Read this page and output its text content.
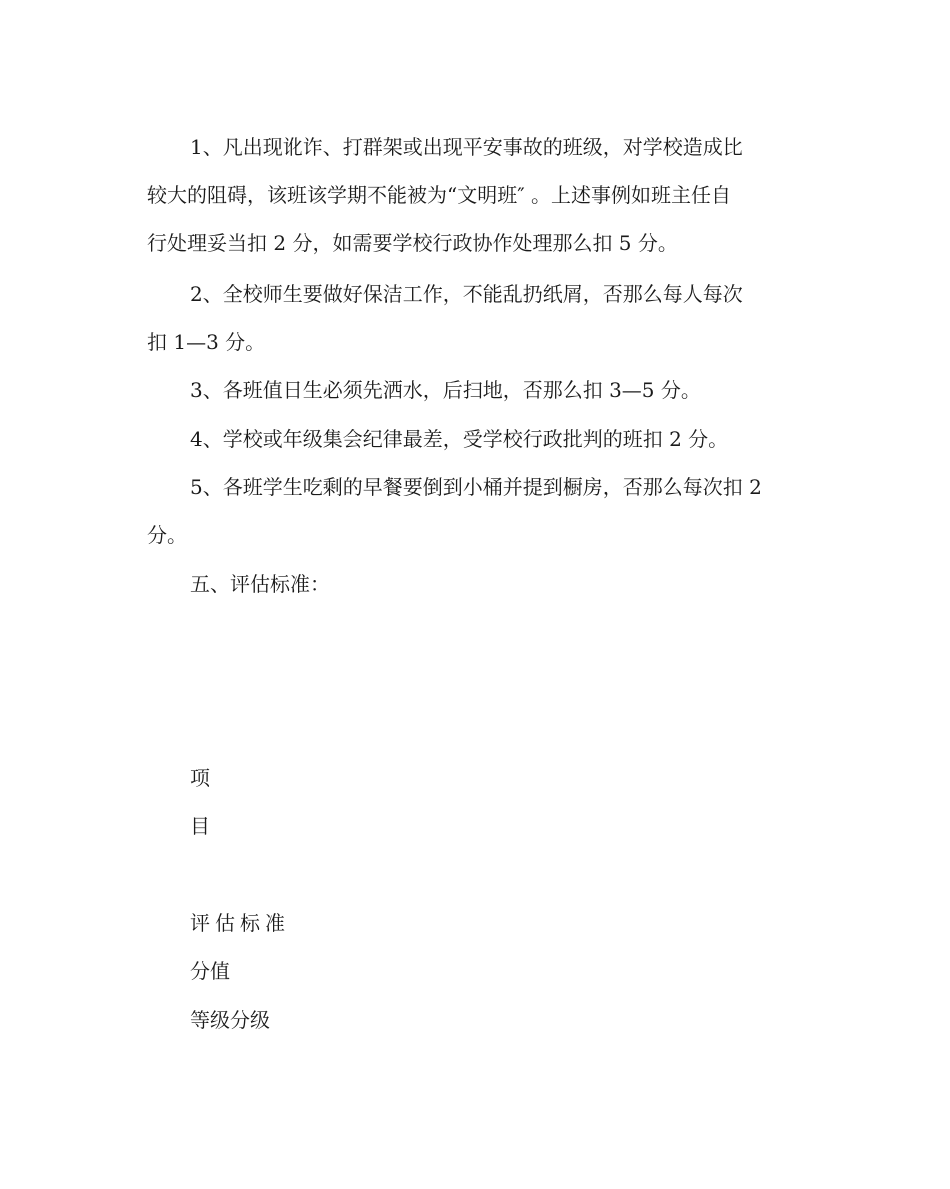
1、凡出现讹诈、打群架或出现平安事故的班级，对学校造成比
较大的阻碍，该班该学期不能被为“文明班″ 。上述事例如班主任自
行处理妥当扣 2 分，如需要学校行政协作处理那么扣 5 分。
2、全校师生要做好保洁工作，不能乱扔纸屑，否那么每人每次
扣 1—3 分。
3、各班值日生必须先洒水，后扫地，否那么扣 3—5 分。
4、学校或年级集会纪律最差，受学校行政批判的班扣 2 分。
5、各班学生吃剩的早餐要倒到小桶并提到橱房，否那么每次扣 2
分。
五、评估标准：
项
目
评估标准
分值
等级分级
